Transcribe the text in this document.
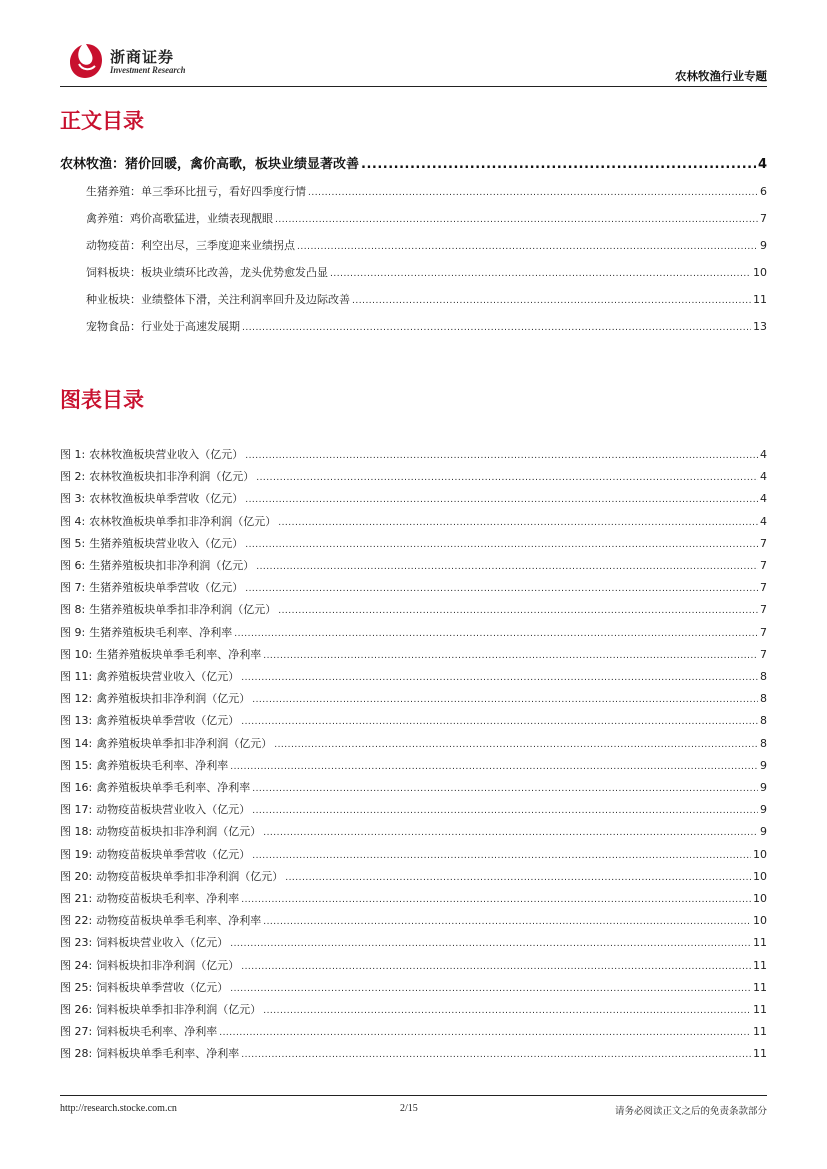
浙商证券
Investment Research	农林牧渔行业专题
正文目录
农林牧渔：猪价回暖，禽价高歌，板块业绩显著改善 .....	4
生猪养殖：单三季环比扭亏，看好四季度行情 .....	6
禽养殖：鸡价高歌猛进，业绩表现靓眼 .....	7
动物疫苗：利空出尽，三季度迎来业绩拐点 .....	9
饲料板块：板块业绩环比改善，龙头优势愈发凸显 .....	10
种业板块：业绩整体下滑，关注利润率回升及边际改善 .....	11
宠物食品：行业处于高速发展期 .....	13
图表目录
图 1: 农林牧渔板块营业收入（亿元） .....	4
图 2: 农林牧渔板块扣非净利润（亿元） .....	4
图 3: 农林牧渔板块单季营收（亿元） .....	4
图 4: 农林牧渔板块单季扣非净利润（亿元） .....	4
图 5: 生猪养殖板块营业收入（亿元） .....	7
图 6: 生猪养殖板块扣非净利润（亿元） .....	7
图 7: 生猪养殖板块单季营收（亿元） .....	7
图 8: 生猪养殖板块单季扣非净利润（亿元） .....	7
图 9: 生猪养殖板块毛利率、净利率 .....	7
图 10: 生猪养殖板块单季毛利率、净利率 .....	7
图 11: 禽养殖板块营业收入（亿元） .....	8
图 12: 禽养殖板块扣非净利润（亿元） .....	8
图 13: 禽养殖板块单季营收（亿元） .....	8
图 14: 禽养殖板块单季扣非净利润（亿元） .....	8
图 15: 禽养殖板块毛利率、净利率 .....	9
图 16: 禽养殖板块单季毛利率、净利率 .....	9
图 17: 动物疫苗板块营业收入（亿元） .....	9
图 18: 动物疫苗板块扣非净利润（亿元） .....	9
图 19: 动物疫苗板块单季营收（亿元） .....	10
图 20: 动物疫苗板块单季扣非净利润（亿元） .....	10
图 21: 动物疫苗板块毛利率、净利率 .....	10
图 22: 动物疫苗板块单季毛利率、净利率 .....	10
图 23: 饲料板块营业收入（亿元） .....	11
图 24: 饲料板块扣非净利润（亿元） .....	11
图 25: 饲料板块单季营收（亿元） .....	11
图 26: 饲料板块单季扣非净利润（亿元） .....	11
图 27: 饲料板块毛利率、净利率 .....	11
图 28: 饲料板块单季毛利率、净利率 .....	11
http://research.stocke.com.cn	2/15	请务必阅读正文之后的免责条款部分
